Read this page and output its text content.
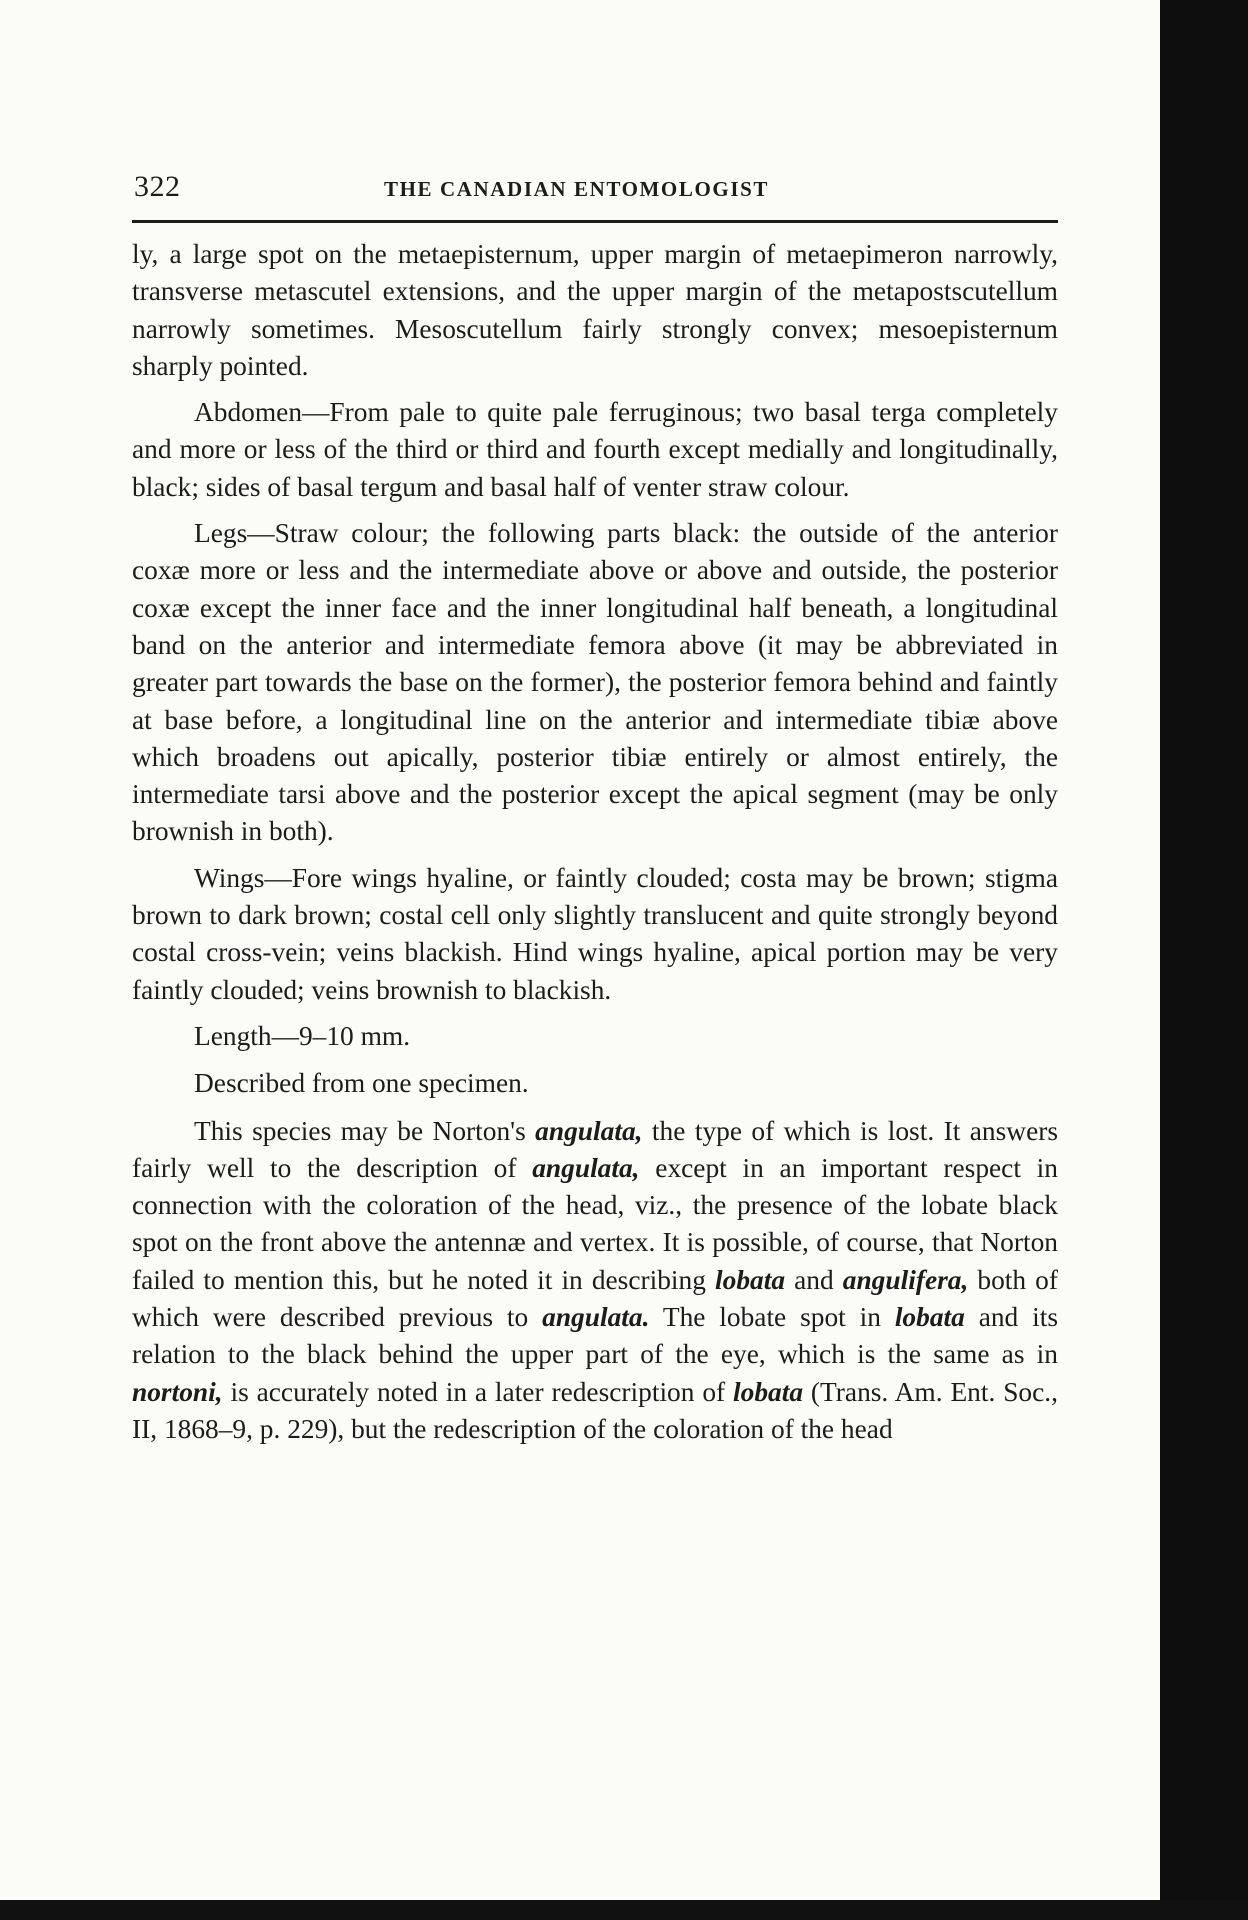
322	THE CANADIAN ENTOMOLOGIST

ly, a large spot on the metaepisternum, upper margin of metaepimeron narrowly, transverse metascutel extensions, and the upper margin of the metapostscutellum narrowly sometimes. Mesoscutellum fairly strongly convex; mesoepisternum sharply pointed.

Abdomen—From pale to quite pale ferruginous; two basal terga completely and more or less of the third or third and fourth except medially and longitudinally, black; sides of basal tergum and basal half of venter straw colour.

Legs—Straw colour; the following parts black: the outside of the anterior coxæ more or less and the intermediate above or above and outside, the posterior coxæ except the inner face and the inner longitudinal half beneath, a longitudinal band on the anterior and intermediate femora above (it may be abbreviated in greater part towards the base on the former), the posterior femora behind and faintly at base before, a longitudinal line on the anterior and intermediate tibiæ above which broadens out apically, posterior tibiæ entirely or almost entirely, the intermediate tarsi above and the posterior except the apical segment (may be only brownish in both).

Wings—Fore wings hyaline, or faintly clouded; costa may be brown; stigma brown to dark brown; costal cell only slightly translucent and quite strongly beyond costal cross-vein; veins blackish. Hind wings hyaline, apical portion may be very faintly clouded; veins brownish to blackish.

Length—9–10 mm.

Described from one specimen.

This species may be Norton's angulata, the type of which is lost. It answers fairly well to the description of angulata, except in an important respect in connection with the coloration of the head, viz., the presence of the lobate black spot on the front above the antennæ and vertex. It is possible, of course, that Norton failed to mention this, but he noted it in describing lobata and angulifera, both of which were described previous to angulata. The lobate spot in lobata and its relation to the black behind the upper part of the eye, which is the same as in nortoni, is accurately noted in a later redescription of lobata (Trans. Am. Ent. Soc., II, 1868–9, p. 229), but the redescription of the coloration of the head
